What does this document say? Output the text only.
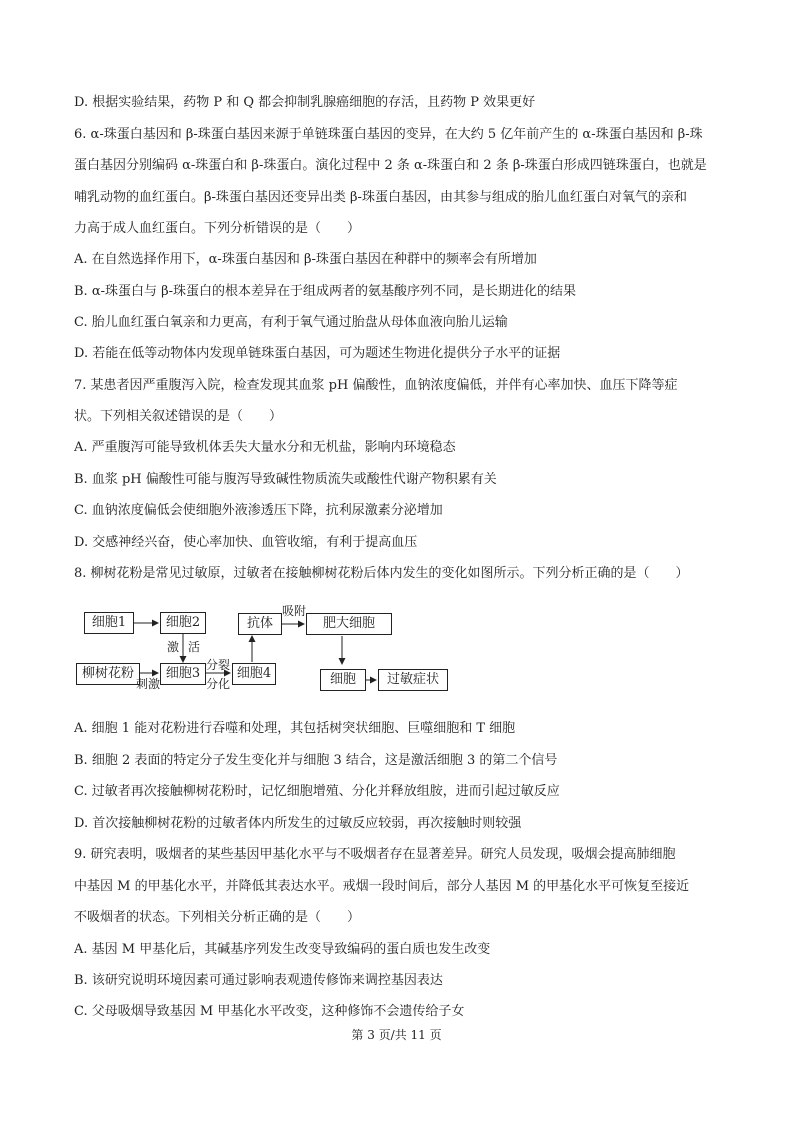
D. 根据实验结果，药物 P 和 Q 都会抑制乳腺癌细胞的存活，且药物 P 效果更好
6. α-珠蛋白基因和 β-珠蛋白基因来源于单链珠蛋白基因的变异，在大约 5 亿年前产生的 α-珠蛋白基因和 β-珠
蛋白基因分别编码 α-珠蛋白和 β-珠蛋白。演化过程中 2 条 α-珠蛋白和 2 条 β-珠蛋白形成四链珠蛋白，也就是
哺乳动物的血红蛋白。β-珠蛋白基因还变异出类 β-珠蛋白基因，由其参与组成的胎儿血红蛋白对氧气的亲和
力高于成人血红蛋白。下列分析错误的是（　　）
A. 在自然选择作用下，α-珠蛋白基因和 β-珠蛋白基因在种群中的频率会有所增加
B. α-珠蛋白与 β-珠蛋白的根本差异在于组成两者的氨基酸序列不同，是长期进化的结果
C. 胎儿血红蛋白氧亲和力更高，有利于氧气通过胎盘从母体血液向胎儿运输
D. 若能在低等动物体内发现单链珠蛋白基因，可为题述生物进化提供分子水平的证据
7. 某患者因严重腹泻入院，检查发现其血浆 pH 偏酸性，血钠浓度偏低，并伴有心率加快、血压下降等症
状。下列相关叙述错误的是（　　）
A. 严重腹泻可能导致机体丢失大量水分和无机盐，影响内环境稳态
B. 血浆 pH 偏酸性可能与腹泻导致碱性物质流失或酸性代谢产物积累有关
C. 血钠浓度偏低会使细胞外液渗透压下降，抗利尿激素分泌增加
D. 交感神经兴奋，使心率加快、血管收缩，有利于提高血压
8. 柳树花粉是常见过敏原，过敏者在接触柳树花粉后体内发生的变化如图所示。下列分析正确的是（　　）
细胞1	细胞2	抗体	肥大细胞
柳树花粉	细胞3	细胞4	细胞	过敏症状
吸附
激 活
分裂
分化
刺激
A. 细胞 1 能对花粉进行吞噬和处理，其包括树突状细胞、巨噬细胞和 T 细胞
B. 细胞 2 表面的特定分子发生变化并与细胞 3 结合，这是激活细胞 3 的第二个信号
C. 过敏者再次接触柳树花粉时，记忆细胞增殖、分化并释放组胺，进而引起过敏反应
D. 首次接触柳树花粉的过敏者体内所发生的过敏反应较弱，再次接触时则较强
9. 研究表明，吸烟者的某些基因甲基化水平与不吸烟者存在显著差异。研究人员发现，吸烟会提高肺细胞
中基因 M 的甲基化水平，并降低其表达水平。戒烟一段时间后，部分人基因 M 的甲基化水平可恢复至接近
不吸烟者的状态。下列相关分析正确的是（　　）
A. 基因 M 甲基化后，其碱基序列发生改变导致编码的蛋白质也发生改变
B. 该研究说明环境因素可通过影响表观遗传修饰来调控基因表达
C. 父母吸烟导致基因 M 甲基化水平改变，这种修饰不会遗传给子女
第 3 页/共 11 页
